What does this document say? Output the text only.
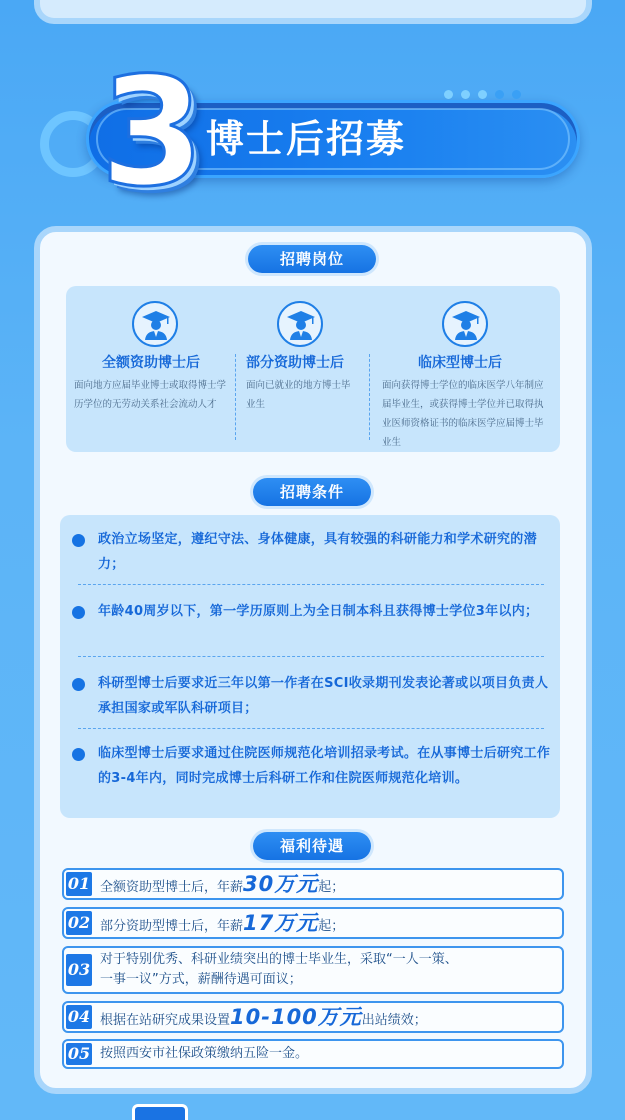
3 博士后招募
招聘岗位
全额资助博士后
面向地方应届毕业博士或取得博士学历学位的无劳动关系社会流动人才
部分资助博士后
面向已就业的地方博士毕业生
临床型博士后
面向获得博士学位的临床医学八年制应届毕业生，或获得博士学位并已取得执业医师资格证书的临床医学应届博士毕业生
招聘条件
政治立场坚定，遵纪守法、身体健康，具有较强的科研能力和学术研究的潜力；
年龄40周岁以下，第一学历原则上为全日制本科且获得博士学位3年以内；
科研型博士后要求近三年以第一作者在SCI收录期刊发表论著或以项目负责人承担国家或军队科研项目；
临床型博士后要求通过住院医师规范化培训招录考试。在从事博士后研究工作的3-4年内，同时完成博士后科研工作和住院医师规范化培训。
福利待遇
01 全额资助型博士后，年薪30万元起；
02 部分资助型博士后，年薪17万元起；
03
对于特别优秀、科研业绩突出的博士毕业生，采取“一人一策、
一事一议”方式，薪酬待遇可面议；
04 根据在站研究成果设置10-100万元出站绩效；
05 按照西安市社保政策缴纳五险一金。
